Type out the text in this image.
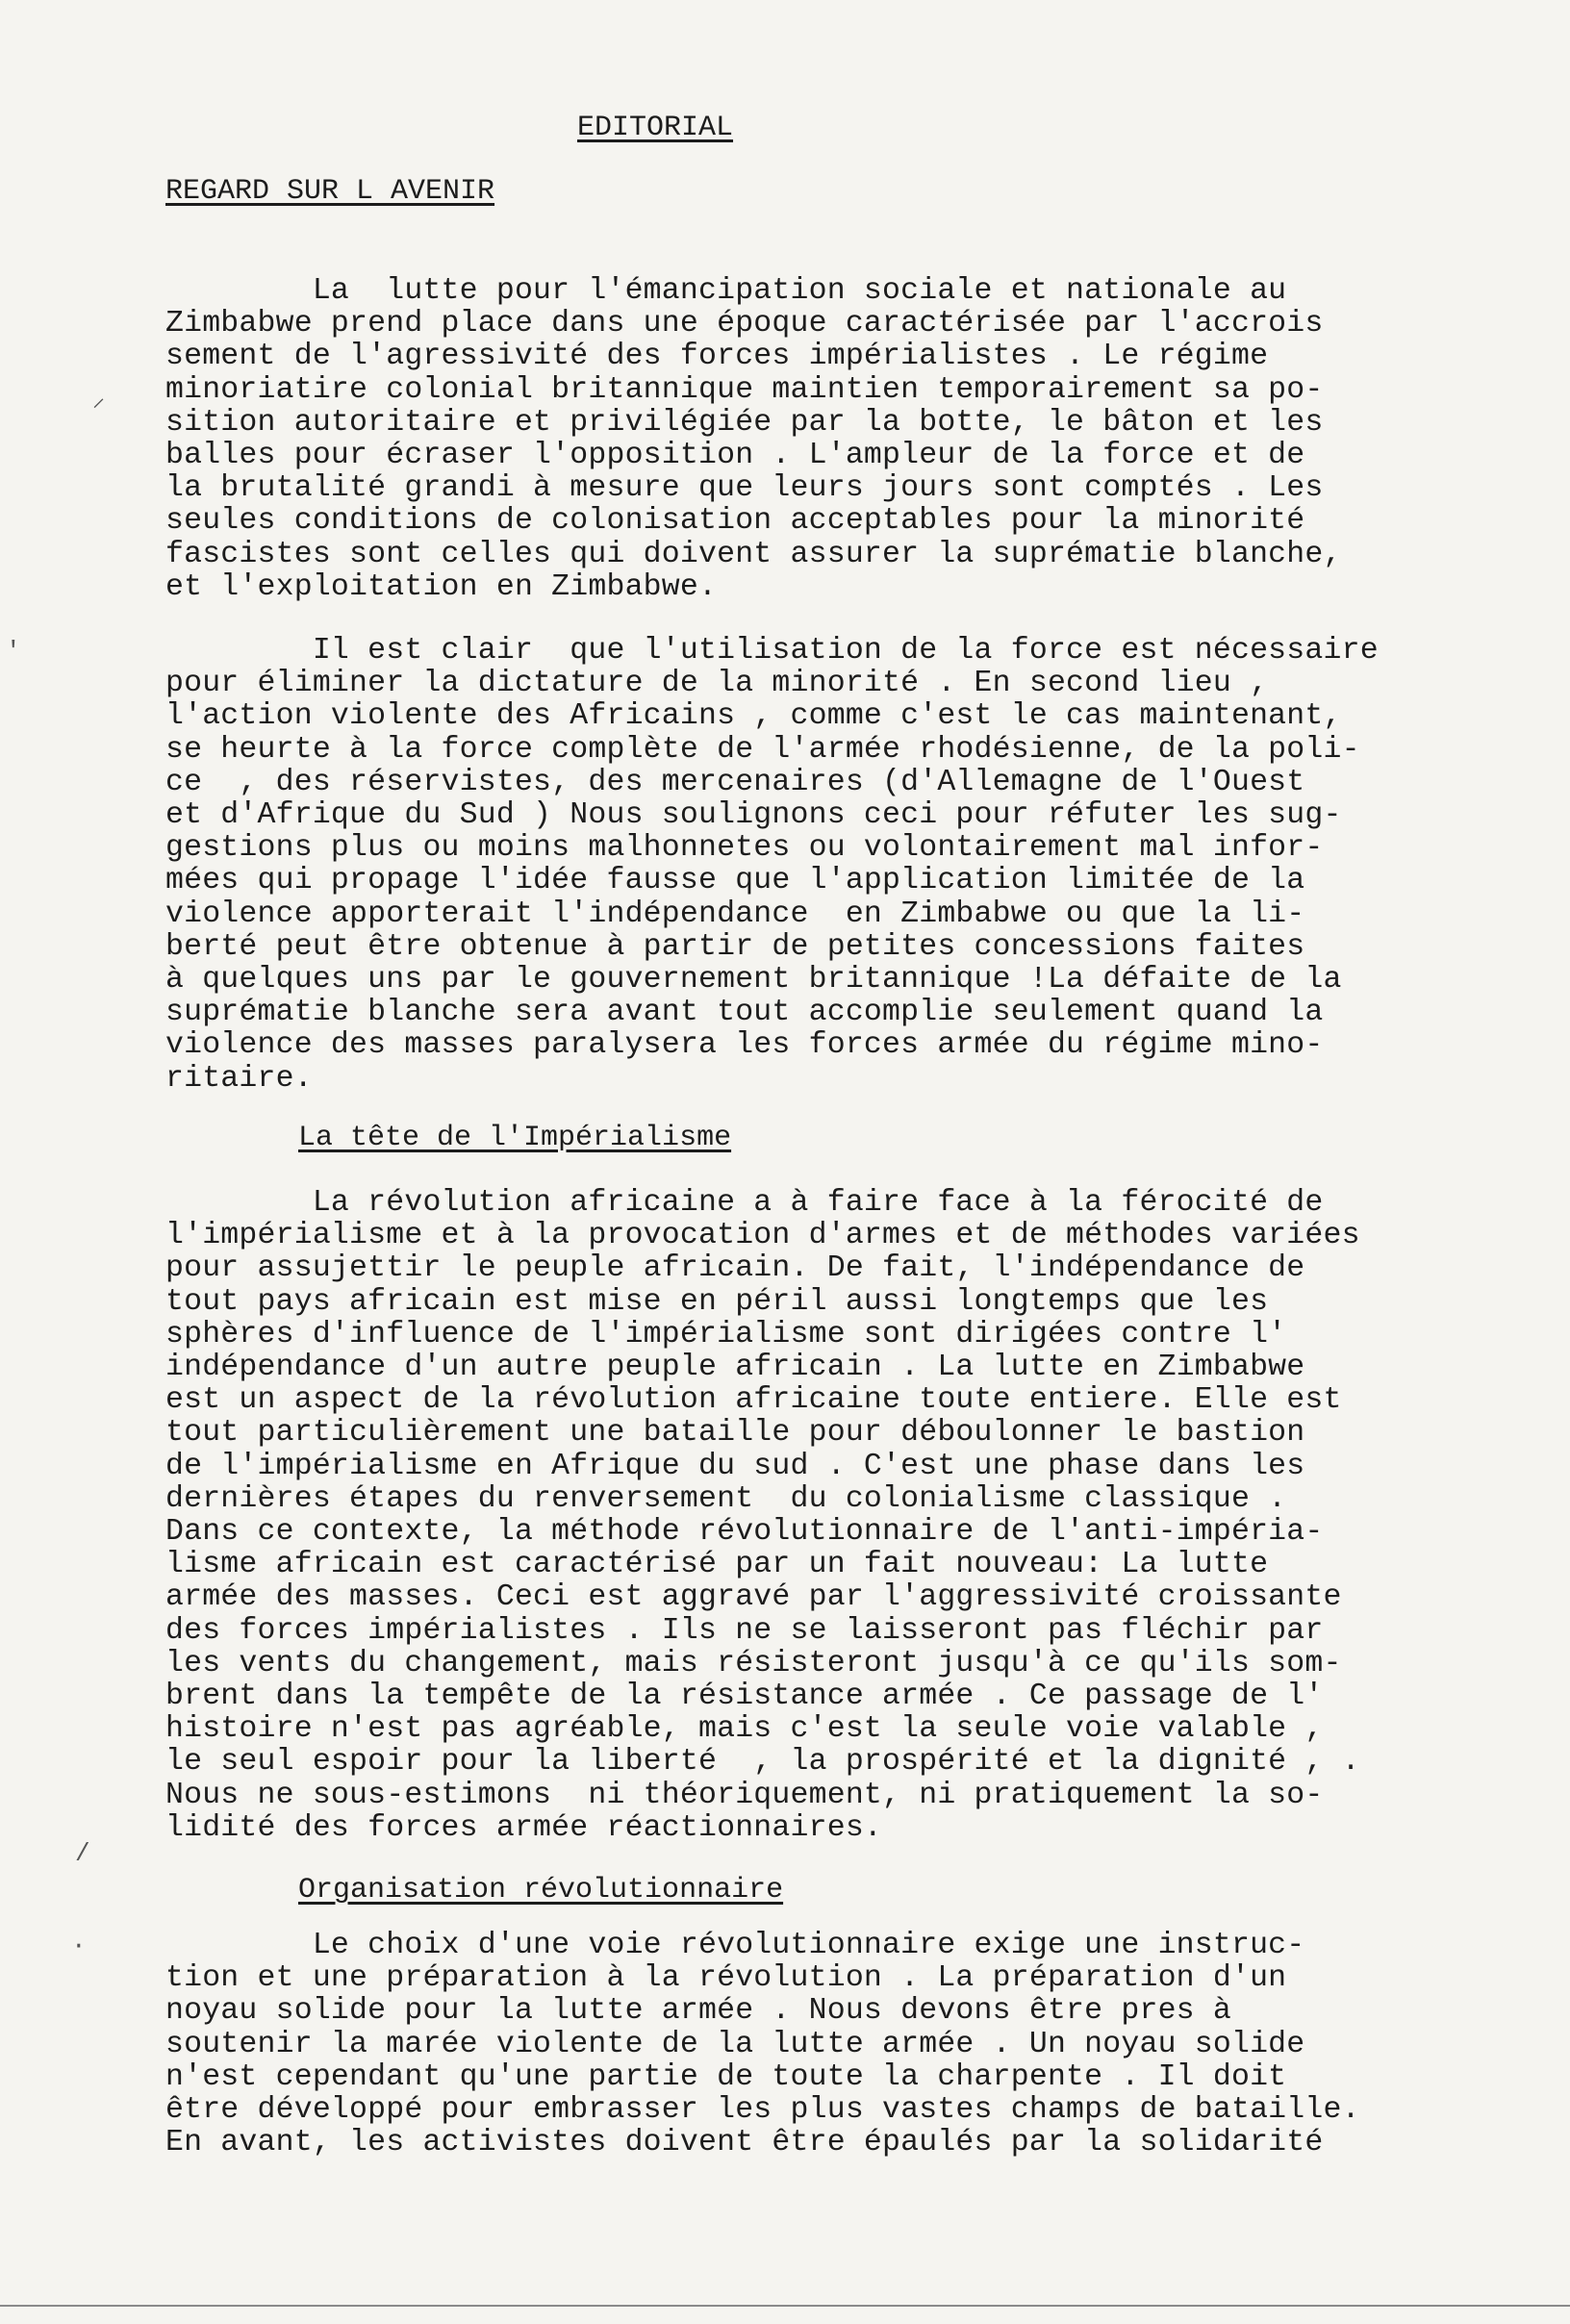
EDITORIAL
REGARD SUR L AVENIR
La  lutte pour l'émancipation sociale et nationale au
Zimbabwe prend place dans une époque caractérisée par l'accrois
sement de l'agressivité des forces impérialistes . Le régime
minoriatire colonial britannique maintien temporairement sa po-
sition autoritaire et privilégiée par la botte, le bâton et les
balles pour écraser l'opposition . L'ampleur de la force et de
la brutalité grandi à mesure que leurs jours sont comptés . Les
seules conditions de colonisation acceptables pour la minorité
fascistes sont celles qui doivent assurer la suprématie blanche,
et l'exploitation en Zimbabwe.
Il est clair  que l'utilisation de la force est nécessaire
pour éliminer la dictature de la minorité . En second lieu ,
l'action violente des Africains , comme c'est le cas maintenant,
se heurte à la force complète de l'armée rhodésienne, de la poli-
ce  , des réservistes, des mercenaires (d'Allemagne de l'Ouest
et d'Afrique du Sud ) Nous soulignons ceci pour réfuter les sug-
gestions plus ou moins malhonnetes ou volontairement mal infor-
mées qui propage l'idée fausse que l'application limitée de la
violence apporterait l'indépendance  en Zimbabwe ou que la li-
berté peut être obtenue à partir de petites concessions faites
à quelques uns par le gouvernement britannique !La défaite de la
suprématie blanche sera avant tout accomplie seulement quand la
violence des masses paralysera les forces armée du régime mino-
ritaire.
La tête de l'Impérialisme
La révolution africaine a à faire face à la férocité de
l'impérialisme et à la provocation d'armes et de méthodes variées
pour assujettir le peuple africain. De fait, l'indépendance de
tout pays africain est mise en péril aussi longtemps que les
sphères d'influence de l'impérialisme sont dirigées contre l'
indépendance d'un autre peuple africain . La lutte en Zimbabwe
est un aspect de la révolution africaine toute entiere. Elle est
tout particulièrement une bataille pour déboulonner le bastion
de l'impérialisme en Afrique du sud . C'est une phase dans les
dernières étapes du renversement  du colonialisme classique .
Dans ce contexte, la méthode révolutionnaire de l'anti-impéria-
lisme africain est caractérisé par un fait nouveau: La lutte
armée des masses. Ceci est aggravé par l'aggressivité croissante
des forces impérialistes . Ils ne se laisseront pas fléchir par
les vents du changement, mais résisteront jusqu'à ce qu'ils som-
brent dans la tempête de la résistance armée . Ce passage de l'
histoire n'est pas agréable, mais c'est la seule voie valable ,
le seul espoir pour la liberté  , la prospérité et la dignité , .
Nous ne sous-estimons  ni théoriquement, ni pratiquement la so-
lidité des forces armée réactionnaires.
Organisation révolutionnaire
Le choix d'une voie révolutionnaire exige une instruc-
tion et une préparation à la révolution . La préparation d'un
noyau solide pour la lutte armée . Nous devons être pres à
soutenir la marée violente de la lutte armée . Un noyau solide
n'est cependant qu'une partie de toute la charpente . Il doit
être développé pour embrasser les plus vastes champs de bataille.
En avant, les activistes doivent être épaulés par la solidarité
⸝
'
/
·
